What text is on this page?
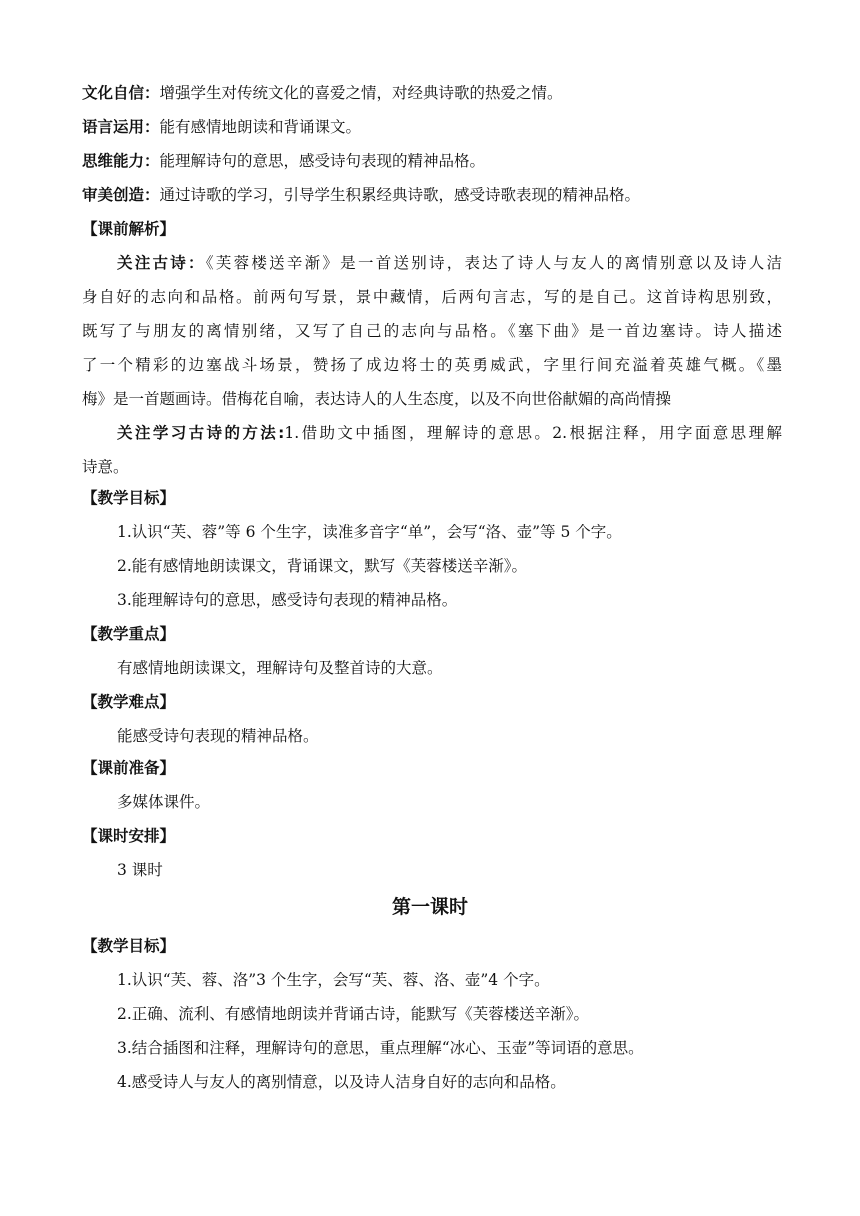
文化自信：增强学生对传统文化的喜爱之情，对经典诗歌的热爱之情。
语言运用：能有感情地朗读和背诵课文。
思维能力：能理解诗句的意思，感受诗句表现的精神品格。
审美创造：通过诗歌的学习，引导学生积累经典诗歌，感受诗歌表现的精神品格。
【课前解析】
关注古诗：《芙蓉楼送辛渐》是一首送别诗，表达了诗人与友人的离情别意以及诗人洁
身自好的志向和品格。前两句写景，景中藏情，后两句言志，写的是自己。这首诗构思别致，
既写了与朋友的离情别绪，又写了自己的志向与品格。《塞下曲》是一首边塞诗。诗人描述
了一个精彩的边塞战斗场景，赞扬了成边将士的英勇威武，字里行间充溢着英雄气概。《墨
梅》是一首题画诗。借梅花自喻，表达诗人的人生态度，以及不向世俗献媚的高尚情操
关注学习古诗的方法:1.借助文中插图，理解诗的意思。2.根据注释，用字面意思理解
诗意。
【教学目标】
1.认识“芙、蓉”等 6 个生字，读准多音字“单”，会写“洛、壶”等 5 个字。
2.能有感情地朗读课文，背诵课文，默写《芙蓉楼送辛渐》。
3.能理解诗句的意思，感受诗句表现的精神品格。
【教学重点】
有感情地朗读课文，理解诗句及整首诗的大意。
【教学难点】
能感受诗句表现的精神品格。
【课前准备】
多媒体课件。
【课时安排】
3 课时
第一课时
【教学目标】
1.认识“芙、蓉、洛”3 个生字，会写“芙、蓉、洛、壶”4 个字。
2.正确、流利、有感情地朗读并背诵古诗，能默写《芙蓉楼送辛渐》。
3.结合插图和注释，理解诗句的意思，重点理解“冰心、玉壶”等词语的意思。
4.感受诗人与友人的离别情意，以及诗人洁身自好的志向和品格。
